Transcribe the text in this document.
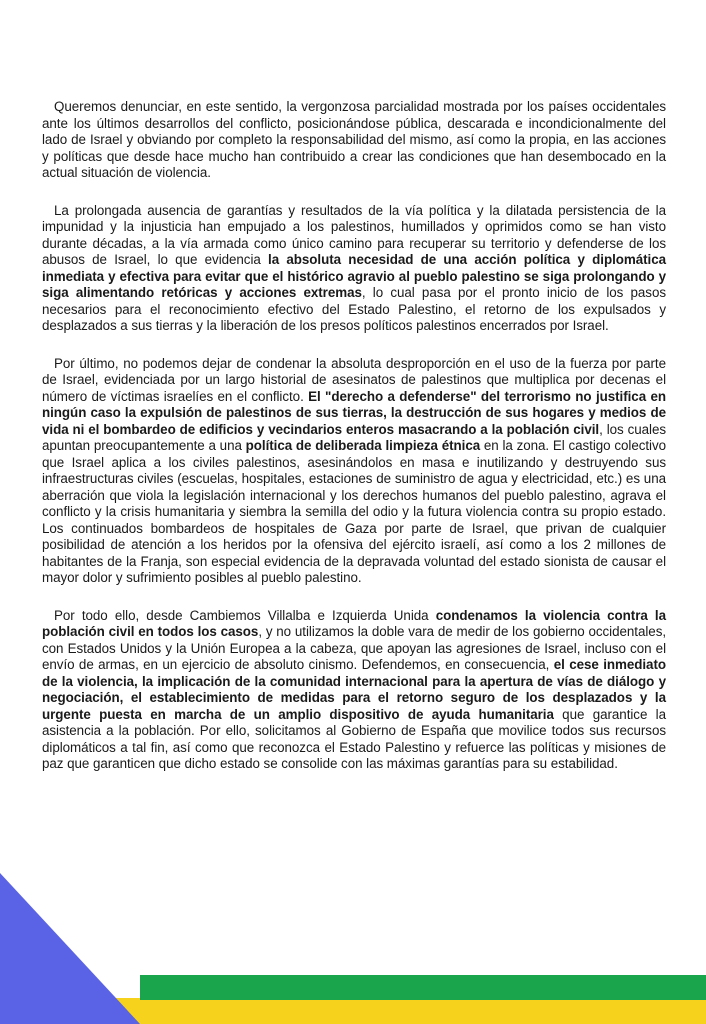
Queremos denunciar, en este sentido, la vergonzosa parcialidad mostrada por los países occidentales ante los últimos desarrollos del conflicto, posicionándose pública, descarada e incondicionalmente del lado de Israel y obviando por completo la responsabilidad del mismo, así como la propia, en las acciones y políticas que desde hace mucho han contribuido a crear las condiciones que han desembocado en la actual situación de violencia.

La prolongada ausencia de garantías y resultados de la vía política y la dilatada persistencia de la impunidad y la injusticia han empujado a los palestinos, humillados y oprimidos como se han visto durante décadas, a la vía armada como único camino para recuperar su territorio y defenderse de los abusos de Israel, lo que evidencia la absoluta necesidad de una acción política y diplomática inmediata y efectiva para evitar que el histórico agravio al pueblo palestino se siga prolongando y siga alimentando retóricas y acciones extremas, lo cual pasa por el pronto inicio de los pasos necesarios para el reconocimiento efectivo del Estado Palestino, el retorno de los expulsados y desplazados a sus tierras y la liberación de los presos políticos palestinos encerrados por Israel.

Por último, no podemos dejar de condenar la absoluta desproporción en el uso de la fuerza por parte de Israel, evidenciada por un largo historial de asesinatos de palestinos que multiplica por decenas el número de víctimas israelíes en el conflicto. El "derecho a defenderse" del terrorismo no justifica en ningún caso la expulsión de palestinos de sus tierras, la destrucción de sus hogares y medios de vida ni el bombardeo de edificios y vecindarios enteros masacrando a la población civil, los cuales apuntan preocupantemente a una política de deliberada limpieza étnica en la zona. El castigo colectivo que Israel aplica a los civiles palestinos, asesinándolos en masa e inutilizando y destruyendo sus infraestructuras civiles (escuelas, hospitales, estaciones de suministro de agua y electricidad, etc.) es una aberración que viola la legislación internacional y los derechos humanos del pueblo palestino, agrava el conflicto y la crisis humanitaria y siembra la semilla del odio y la futura violencia contra su propio estado. Los continuados bombardeos de hospitales de Gaza por parte de Israel, que privan de cualquier posibilidad de atención a los heridos por la ofensiva del ejército israelí, así como a los 2 millones de habitantes de la Franja, son especial evidencia de la depravada voluntad del estado sionista de causar el mayor dolor y sufrimiento posibles al pueblo palestino.

Por todo ello, desde Cambiemos Villalba e Izquierda Unida condenamos la violencia contra la población civil en todos los casos, y no utilizamos la doble vara de medir de los gobierno occidentales, con Estados Unidos y la Unión Europea a la cabeza, que apoyan las agresiones de Israel, incluso con el envío de armas, en un ejercicio de absoluto cinismo. Defendemos, en consecuencia, el cese inmediato de la violencia, la implicación de la comunidad internacional para la apertura de vías de diálogo y negociación, el establecimiento de medidas para el retorno seguro de los desplazados y la urgente puesta en marcha de un amplio dispositivo de ayuda humanitaria que garantice la asistencia a la población. Por ello, solicitamos al Gobierno de España que movilice todos sus recursos diplomáticos a tal fin, así como que reconozca el Estado Palestino y refuerce las políticas y misiones de paz que garanticen que dicho estado se consolide con las máximas garantías para su estabilidad.
